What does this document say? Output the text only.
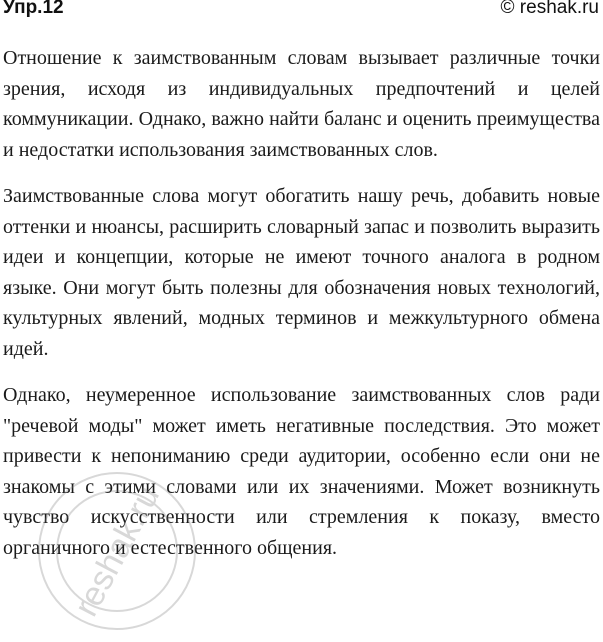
Упр.12	© reshak.ru

Отношение к заимствованным словам вызывает различные точки зрения, исходя из индивидуальных предпочтений и целей коммуникации. Однако, важно найти баланс и оценить преимущества и недостатки использования заимствованных слов.

Заимствованные слова могут обогатить нашу речь, добавить новые оттенки и нюансы, расширить словарный запас и позволить выразить идеи и концепции, которые не имеют точного аналога в родном языке. Они могут быть полезны для обозначения новых технологий, культурных явлений, модных терминов и межкультурного обмена идей.

Однако, неумеренное использование заимствованных слов ради "речевой моды" может иметь негативные последствия. Это может привести к непониманию среди аудитории, особенно если они не знакомы с этими словами или их значениями. Может возникнуть чувство искусственности или стремления к показу, вместо органичного и естественного общения.

reshak.ru
